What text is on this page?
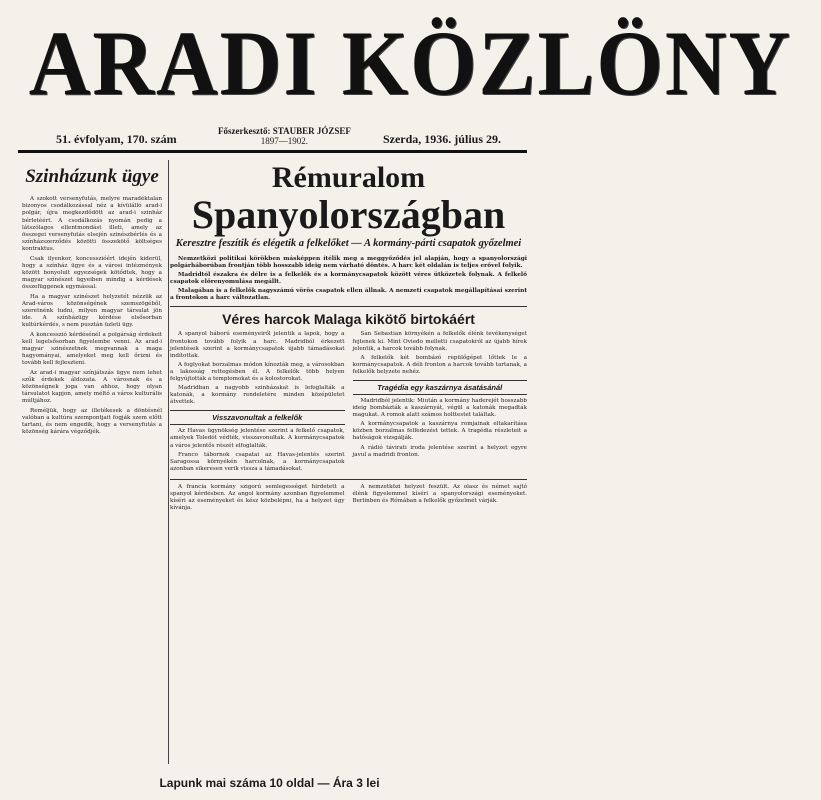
ARADI KÖZLÖNY
51. évfolyam, 170. szám
Főszerkesztő: STAUBER JÓZSEF
1897—1902.	Szerda, 1936. július 29.
Szinházunk ügye

A szokott versenyfutás, melyre maradéktalan bizonyos csodálkozással néz a kívülálló arad-i polgár, újra megkezdődött az arad-i szinház bérletéért. A csodálkozás nyomán pedig a látszólagos ellentmondást illeti, amely az összegei versenyfutás elsején szinészbérlés és a színházszerződés közötti összekötő költséges kontraktus.

Csak ilyenkor, koncesszióért idején kiderül, hogy a színház ügye és a városi intézmények között bonyolult egyezségek kötődtek, hogy a magyar színészet ügyeiben mindig a kérdések összefüggenek egymással.

Ha a magyar szinészet helyzetét nézzük az Arad-város közönségének szemszögéből, szeretnénk tudni, milyen magyar társulat jön ide. A színházügy kérdése elsősorban kultúrkérdés, s nem pusztán üzleti ügy.

A koncesszió kérdésénél a polgárság érdekeit kell legelsősorban figyelembe venni. Az arad-i magyar szinészetnek megvannak a maga hagyományai, amelyeket meg kell őrizni és tovább kell fejleszteni.

Az arad-i magyar színjátszás ügye nem lehet szűk érdekek áldozata. A városnak és a közönségnek joga van ahhoz, hogy olyan társulatot kapjon, amely méltó a város kulturális múltjához.

Reméljük, hogy az illetékesek a döntésnél valóban a kultúra szempontjait fogják szem előtt tartani, és nem engedik, hogy a versenyfutás a közönség kárára végződjék.

Rémuralom
Spanyolországban
Keresztre feszítik és elégetik a felkelőket — A kormány-párti csapatok győzelmei

Nemzetközi politikai körökben másképpen ítélik meg a meggyőződés jel alapján, hogy a spanyolországi polgárháborúban frontján több hosszabb ideig nem várható döntés. A harc két oldalán is teljes erővel folyik.

Madridtól északra és délre is a felkelők és a kormánycsapatok között véres ütközetek folynak. A felkelő csapatok előrenyomulása megállt.

Malagában is a felkelők nagyszámú vörös csapatok ellen állnak. A nemzeti csapatok megállapításai szerint a frontokon a harc változatlan.

Véres harcok Malaga kikötő birtokáért

A spanyol háború eseményeiről jelentik a lapok, hogy a frontokon tovább folyik a harc. Madridból érkezett jelentések szerint a kormánycsapatok újabb támadásokat indítottak.

A foglyokat borzalmas módon kínozták meg, a városokban a lakosság rettegésben él. A felkelők több helyen felgyújtották a templomokat és a kolostorokat.

Madridban a nagyobb szinházakat is lefoglalták a katonák, a kormány rendeletére minden középületet átvettek.

Visszavonultak a felkelők

Az Havas ügynökség jelentése szerint a felkelő csapatok, amelyek Toledót védték, visszavonultak. A kormánycsapatok a város jelentős részét elfoglalták.

Franco tábornok csapatai az Havas-jelentés szerint Saragossa környékén harcolnak, a kormánycsapatok azonban sikeresen verik vissza a támadásokat.

San Sebastian környékén a felkelők élénk tevékenységet fejtenek ki. Mint Oviedo melletti csapatokról az újabb hírek jelentik, a harcok tovább folynak.

A felkelők két bombázó repülőgépet lőttek le a kormánycsapatok. A déli fronton a harcok tovább tartanak, a felkelők helyzete nehéz.

Tragédia egy kaszárnya ásatásánál

Madridból jelentik: Miután a kormány haderejét hosszabb ideig bombázták a kaszárnyát, végül a katonák megadták magukat. A romok alatt számos holttestet találtak.

A kormánycsapatok a kaszárnya romjainak eltakarítása közben borzalmas felfedezést tettek. A tragédia részleteit a hatóságok vizsgálják.

A rádió távirati iroda jelentése szerint a helyzet egyre javul a madridi fronton.

A francia kormány szigorú semlegességet hirdetett a spanyol kérdésben. Az angol kormány azonban figyelemmel kíséri az eseményeket és kész közbelépni, ha a helyzet úgy kívánja.

A nemzetközi helyzet feszült. Az olasz és német sajtó élénk figyelemmel kíséri a spanyolországi eseményeket. Berlinben és Rómában a felkelők győzelmét várják.

Lapunk mai száma 10 oldal — Ára 3 lei
